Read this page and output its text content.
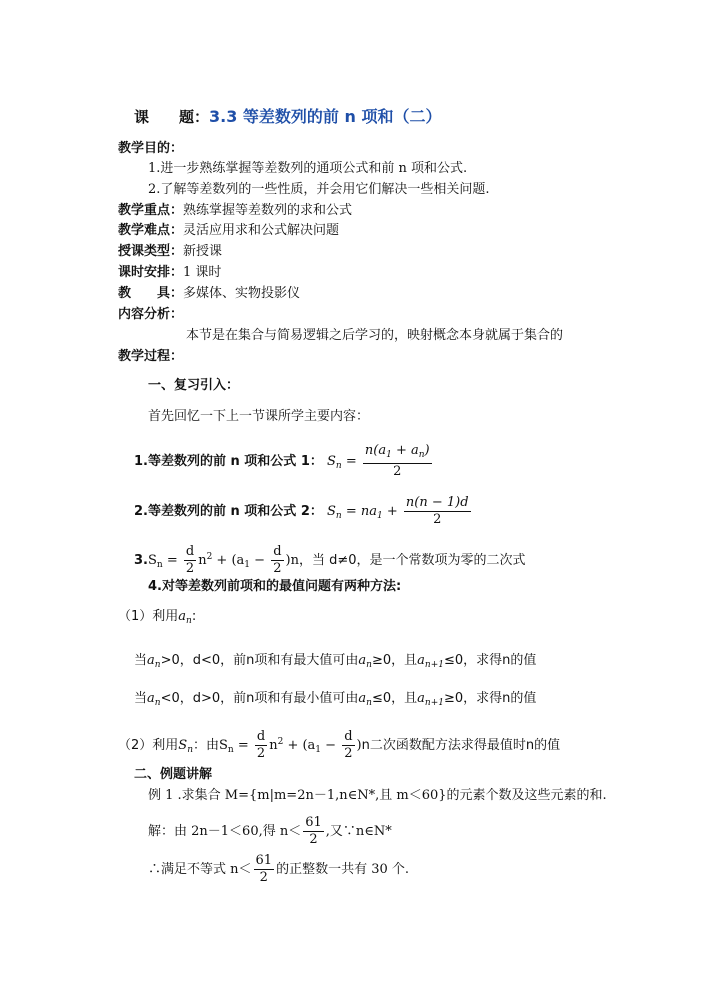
课　　题：3.3 等差数列的前 n 项和（二）
教学目的：
1.进一步熟练掌握等差数列的通项公式和前 n 项和公式.
2.了解等差数列的一些性质，并会用它们解决一些相关问题.
教学重点：熟练掌握等差数列的求和公式
教学难点：灵活应用求和公式解决问题
授课类型：新授课
课时安排：1 课时
教　　具：多媒体、实物投影仪
内容分析：
本节是在集合与简易逻辑之后学习的，映射概念本身就属于集合的
教学过程：
一、复习引入：
首先回忆一下上一节课所学主要内容：
1.等差数列的前 n 项和公式 1： $S_n = \frac{n(a_1 + a_n)}{2}$
2.等差数列的前 n 项和公式 2： $S_n = na_1 + \frac{n(n - 1)d}{2}$
$3.S_n = \frac{d}{2} n^2 + (a_1 - \frac{d}{2} )n$，当 d≠0，是一个常数项为零的二次式
4.对等差数列前项和的最值问题有两种方法:
（1）利用$a_n$:
当$a_n>0$，d<0，前n项和有最大值可由$a_n\ge 0$，且$a_{n+1}\le 0$，求得n的值
当$a_n<0$，d>0，前n项和有最小值可由$a_n\le 0$，且$a_{n+1}\ge 0$，求得n的值
（2）利用$S_n$：由$S_n = \frac{d}{2} n^2 + (a_1 - \frac{d}{2} )n$二次函数配方法求得最值时n的值
二、例题讲解
例 1 .求集合 M={m|m=2n－1,n∈N*,且 m＜60}的元素个数及这些元素的和.
解：由 2n－1＜60,得 $n< \frac{61}{2}$ ,又∵n∈N*
∴满足不等式 $n< \frac{61}{2}$ 的正整数一共有 30 个.
